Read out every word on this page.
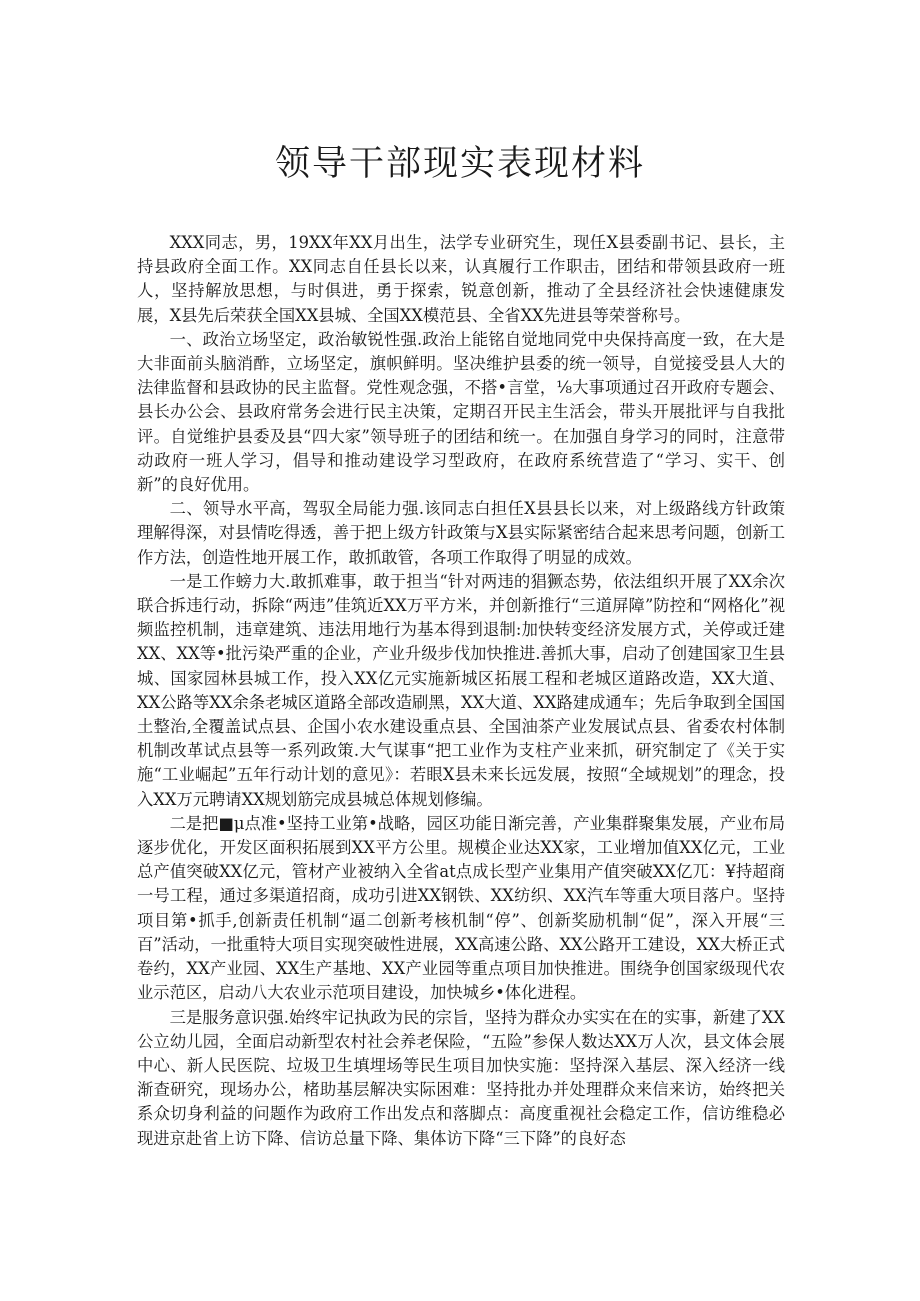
领导干部现实表现材料

XXX同志，男，19XX年XX月出生，法学专业研究生，现任X县委副书记、县长，主持县政府全面工作。XX同志自任县长以来，认真履行工作职击，团结和带领县政府一班人，坚持解放思想，与时俱进，勇于探索，锐意创新，推动了全县经济社会快速健康发展，X县先后荣获全国XX县城、全国XX模范县、全省XX先进县等荣誉称号。

一、政治立场坚定，政治敏锐性强.政治上能铭自觉地同党中央保持高度一致，在大是大非面前头脑消酢，立场坚定，旗帜鲜明。坚决维护县委的统一领导，自觉接受县人大的法律监督和县政协的民主监督。党性观念强，不搭•言堂，⅛大事项通过召开政府专题会、县长办公会、县政府常务会进行民主决策，定期召开民主生活会，带头开展批评与自我批评。自觉维护县委及县“四大家”领导班子的团结和统一。在加强自身学习的同时，注意带动政府一班人学习，倡导和推动建设学习型政府，在政府系统营造了“学习、实干、创新”的良好优用。

二、领导水平高，驾驭全局能力强.该同志白担任X县县长以来，对上级路线方针政策理解得深，对县情吃得透，善于把上级方针政策与X县实际紧密结合起来思考问题，创新工作方法，创造性地开展工作，敢抓敢管，各项工作取得了明显的成效。

一是工作螃力大.敢抓难事，敢于担当“针对两违的猖獗态势，依法组织开展了XX余次联合拆违行动，拆除“两违”佳筑近XX万平方米，并创新推行“三道屏障”防控和“网格化”视频监控机制，违章建筑、违法用地行为基本得到退制:加快转变经济发展方式，关停或迁建XX、XX等•批污染严重的企业，产业升级步伐加快推进.善抓大事，启动了创建国家卫生县城、国家园林县城工作，投入XX亿元实施新城区拓展工程和老城区道路改造，XX大道、XX公路等XX余条老城区道路全部改造刷黑，XX大道、XX路建成通车；先后争取到全国国土整治,全覆盖试点县、企国小农水建设重点县、全国油茶产业发展试点县、省委农村体制机制改革试点县等一系列政策.大气谋事“把工业作为支柱产业来抓，研究制定了《关于实施“工业崛起”五年行动计划的意见》：若眼X县未来长远发展，按照“全域规划”的理念，投入XX万元聘请XX规划筋完成县城总体规划修编。

二是把■μ点准•坚持工业第•战略，园区功能日渐完善，产业集群聚集发展，产业布局逐步优化，开发区面积拓展到XX平方公里。规模企业达XX家，工业增加值XX亿元，工业总产值突破XX亿元，管材产业被纳入全省at点成长型产业集用产值突破XX亿兀：¥持超商一号工程，通过多渠道招商，成功引进XX钢铁、XX纺织、XX汽车等重大项目落户。坚持项目第•抓手,创新责任机制“逼二创新考核机制“停”、创新奖励机制“促”，深入开展“三百”活动，一批重特大项目实现突破性进展，XX高速公路、XX公路开工建设，XX大桥正式卷约，XX产业园、XX生产基地、XX产业园等重点项目加快推进。围绕争创国家级现代农业示范区，启动八大农业示范项目建设，加快城乡•体化进程。

三是服务意识强.始终牢记执政为民的宗旨，坚持为群众办实实在在的实事，新建了XX公立幼儿园，全面启动新型农村社会养老保险，“五险”参保人数达XX万人次，县文体会展中心、新人民医院、垃圾卫生填埋场等民生项目加快实施：坚持深入基层、深入经济一线渐查研究，现场办公，楮助基层解决实际困难：坚持批办并处理群众来信来访，始终把关系众切身利益的问题作为政府工作出发点和落脚点：高度重视社会稳定工作，信访维稳必现进京赴省上访下降、信访总量下降、集体访下降“三下降”的良好态
